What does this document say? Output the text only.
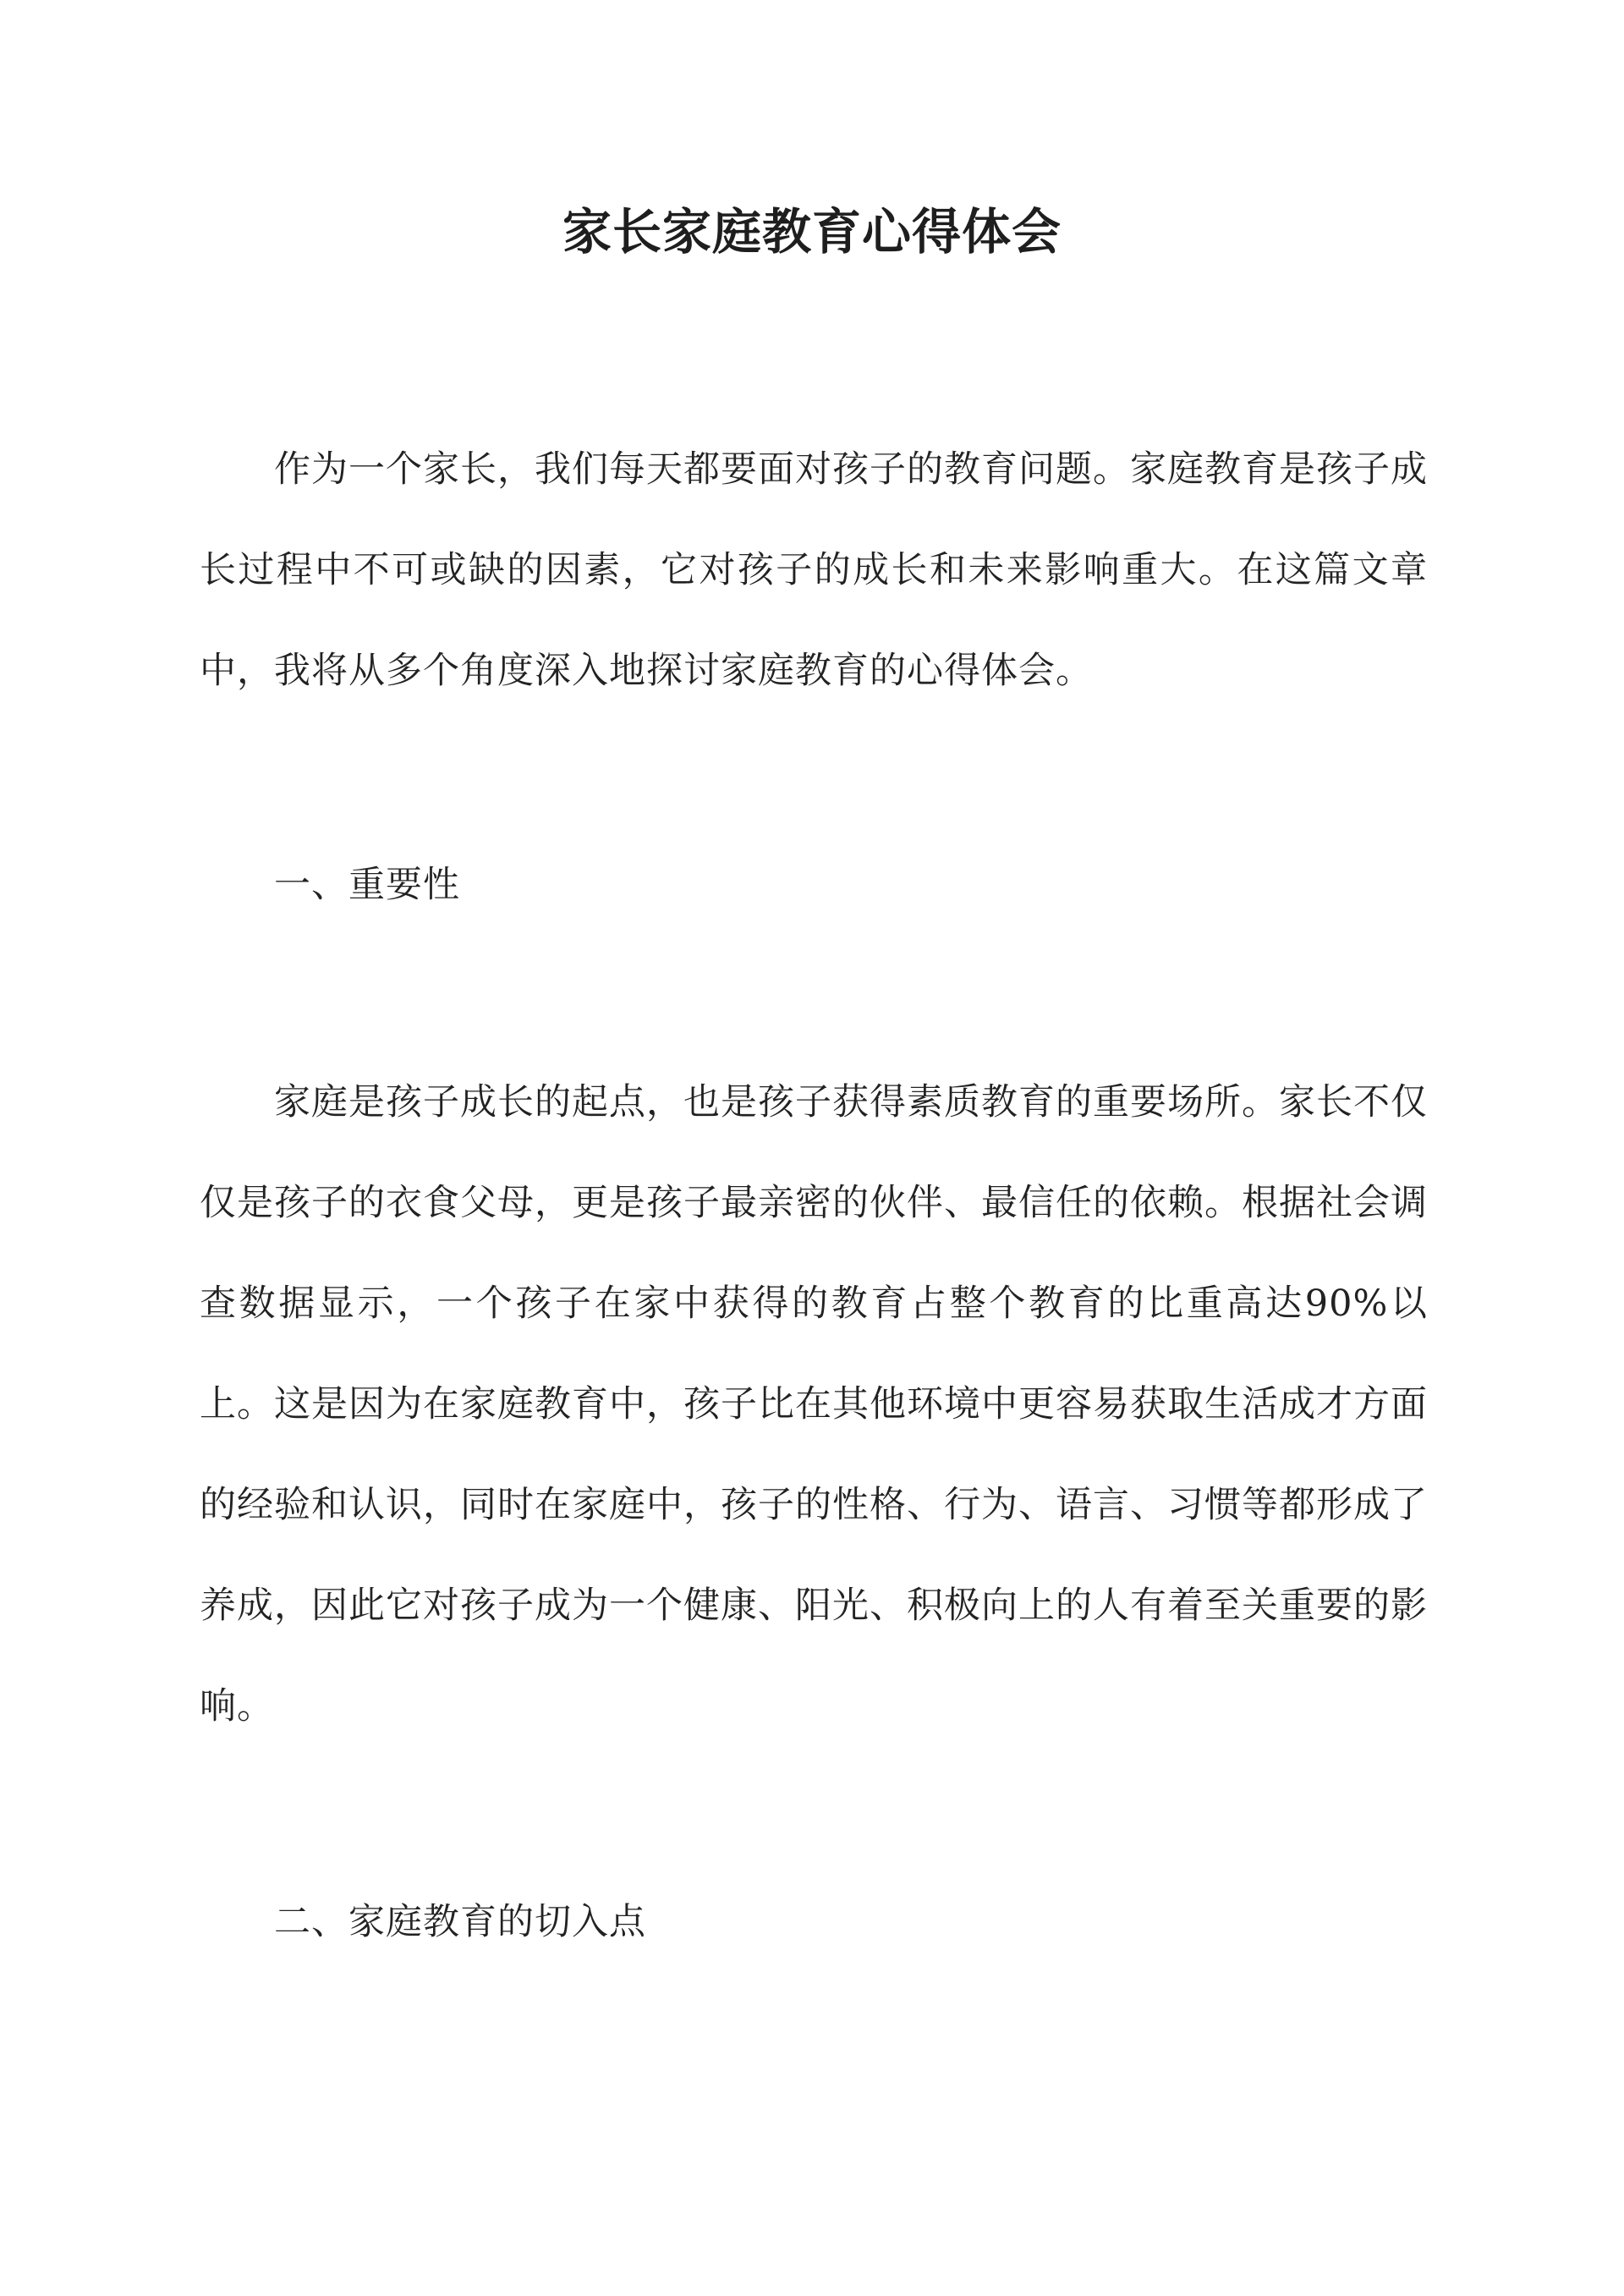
家长家庭教育心得体会

作为一个家长，我们每天都要面对孩子的教育问题。家庭教育是孩子成长过程中不可或缺的因素，它对孩子的成长和未来影响重大。在这篇文章中，我将从多个角度深入地探讨家庭教育的心得体会。

一、重要性

家庭是孩子成长的起点，也是孩子获得素质教育的重要场所。家长不仅仅是孩子的衣食父母，更是孩子最亲密的伙伴、最信任的依赖。根据社会调查数据显示，一个孩子在家中获得的教育占整个教育的比重高达90%以上。这是因为在家庭教育中，孩子比在其他环境中更容易获取生活成才方面的经验和认识，同时在家庭中，孩子的性格、行为、语言、习惯等都形成了养成，因此它对孩子成为一个健康、阳光、积极向上的人有着至关重要的影响。

二、家庭教育的切入点
